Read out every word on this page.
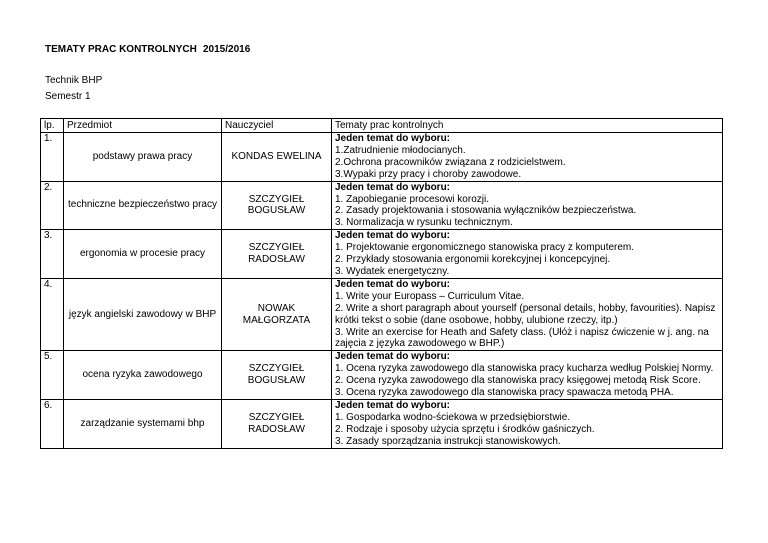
TEMATY PRAC KONTROLNYCH 2015/2016
Technik BHP
Semestr 1
lp.	Przedmiot	Nauczyciel	Tematy prac kontrolnych
1.	podstawy prawa pracy	KONDAS EWELINA	Jeden temat do wyboru:
1.Zatrudnienie młodocianych.
2.Ochrona pracowników związana z rodzicielstwem.
3.Wypaki przy pracy i choroby zawodowe.

2.	techniczne bezpieczeństwo pracy	SZCZYGIEŁ BOGUSŁAW	Jeden temat do wyboru:
1. Zapobieganie procesowi korozji.
2. Zasady projektowania i stosowania wyłączników bezpieczeństwa.
3. Normalizacja w rysunku technicznym.

3.	ergonomia w procesie pracy	SZCZYGIEŁ RADOSŁAW	Jeden temat do wyboru:
1. Projektowanie ergonomicznego stanowiska pracy z komputerem.
2. Przykłady stosowania ergonomii korekcyjnej i koncepcyjnej.
3. Wydatek energetyczny.

4.	język angielski zawodowy w BHP	NOWAK MAŁGORZATA	Jeden temat do wyboru:
1. Write your Europass – Curriculum Vitae.
2. Write a short paragraph about yourself (personal details, hobby, favourities). Napisz krótki tekst o sobie (dane osobowe, hobby, ulubione rzeczy, itp.)
3. Write an exercise for Heath and Safety class. (Ułóż i napisz ćwiczenie w j. ang. na zajęcia z języka zawodowego w BHP.)

5.	ocena ryzyka zawodowego	SZCZYGIEŁ BOGUSŁAW	Jeden temat do wyboru:
1. Ocena ryzyka zawodowego dla stanowiska pracy kucharza według Polskiej Normy.
2. Ocena ryzyka zawodowego dla stanowiska pracy księgowej metodą Risk Score.
3. Ocena ryzyka zawodowego dla stanowiska pracy spawacza metodą PHA.

6.	zarządzanie systemami bhp	SZCZYGIEŁ RADOSŁAW	Jeden temat do wyboru:
1. Gospodarka wodno-ściekowa w przedsiębiorstwie.
2. Rodzaje i sposoby użycia sprzętu i środków gaśniczych.
3. Zasady sporządzania instrukcji stanowiskowych.
